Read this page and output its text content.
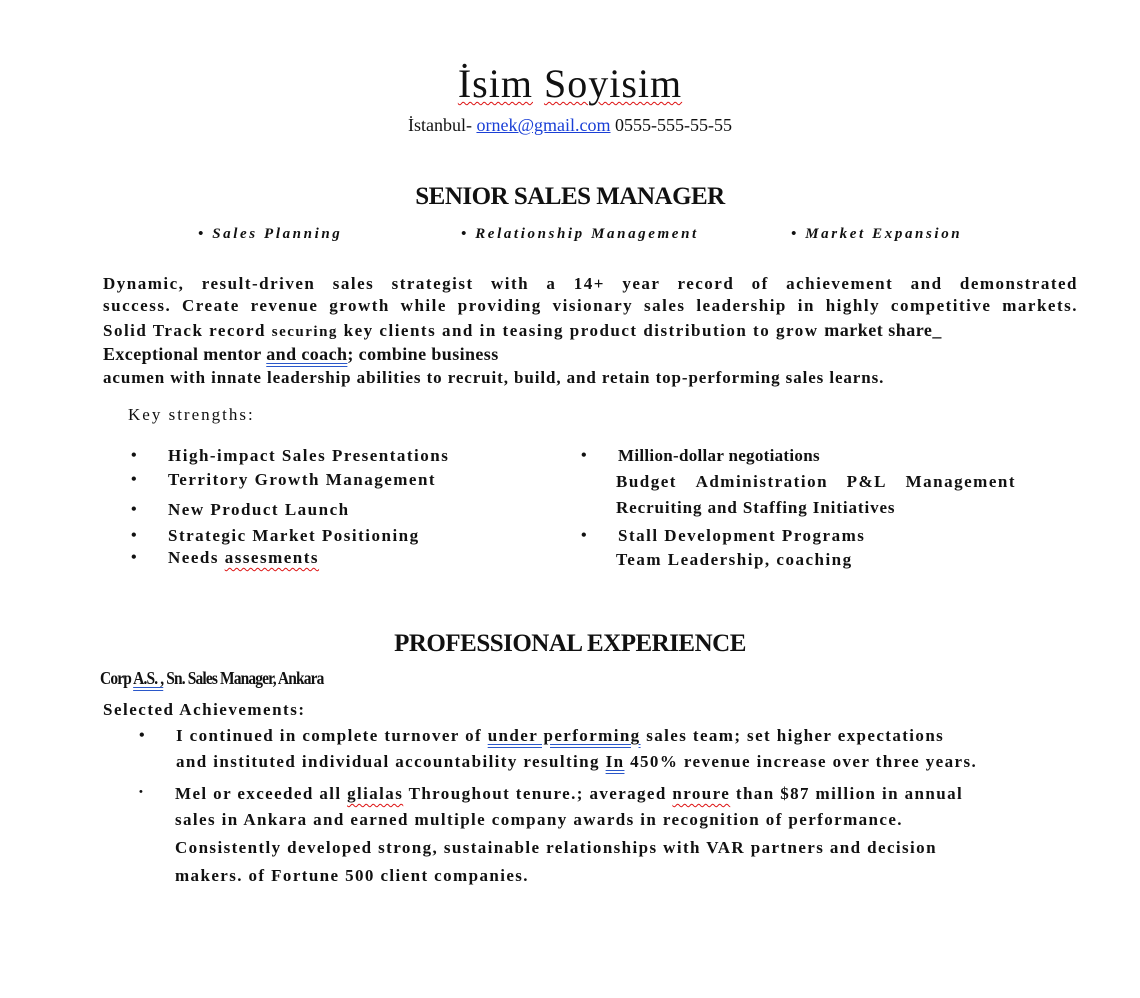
İsim Soyisim
İstanbul- ornek@gmail.com 0555-555-55-55
SENIOR SALES MANAGER
• Sales Planning	• Relationship Management	• Market Expansion
Dynamic, result-driven sales strategist with a 14+ year record of achievement and demonstrated
success. Create revenue growth while providing visionary sales leadership in highly competitive markets.
Solid Track record securing key clients and in teasing product distribution to grow market share_
Exceptional mentor and coach; combine business
acumen with innate leadership abilities to recruit, build, and retain top-performing sales learns.
Key strengths:
• High-impact Sales Presentations
• Territory Growth Management
• New Product Launch
• Strategic Market Positioning
• Needs assesments
• Million-dollar negotiations
Budget Administration P&L Management
Recruiting and Staffing Initiatives
• Stall Development Programs
Team Leadership, coaching
PROFESSIONAL EXPERIENCE
Corp A.S. , Sn. Sales Manager, Ankara
Selected Achievements:
• I continued in complete turnover of under performing sales team; set higher expectations
and instituted individual accountability resulting In 450% revenue increase over three years.
• Mel or exceeded all glialas Throughout tenure.; averaged nroure than $87 million in annual
sales in Ankara and earned multiple company awards in recognition of performance.
Consistently developed strong, sustainable relationships with VAR partners and decision
makers. of Fortune 500 client companies.
